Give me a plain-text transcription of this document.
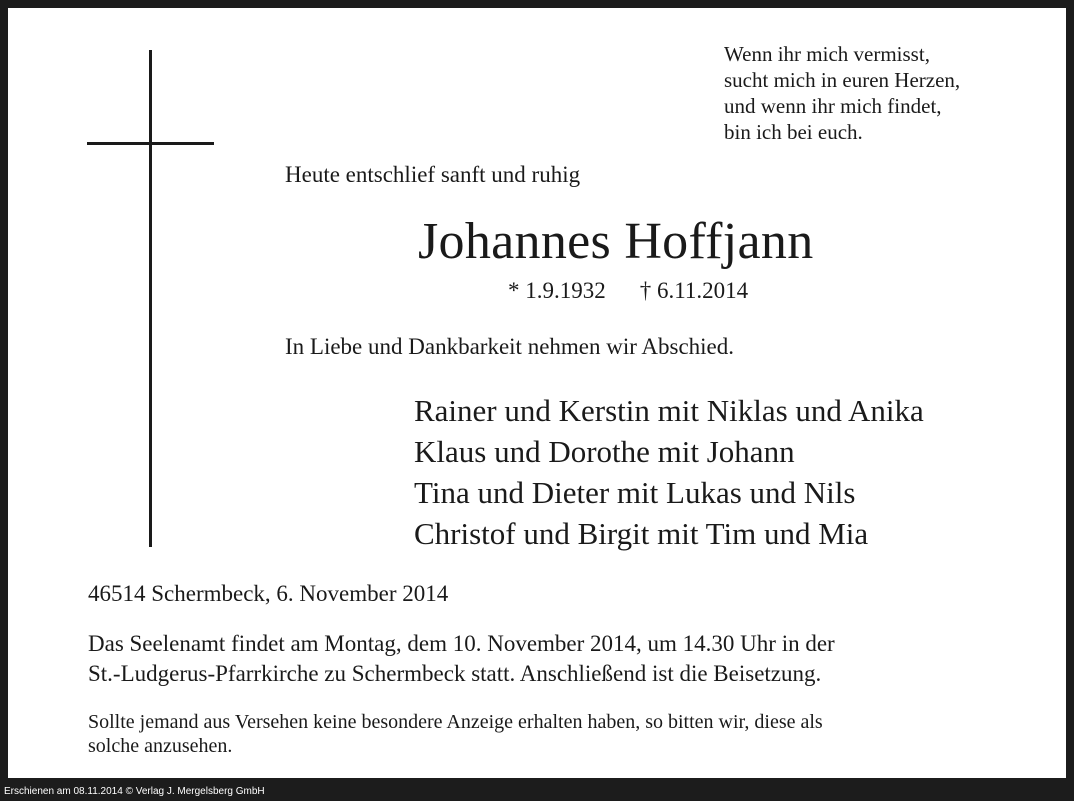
Wenn ihr mich vermisst,
sucht mich in euren Herzen,
und wenn ihr mich findet,
bin ich bei euch.
Heute entschlief sanft und ruhig
Johannes Hoffjann
* 1.9.1932 † 6.11.2014
In Liebe und Dankbarkeit nehmen wir Abschied.
Rainer und Kerstin mit Niklas und Anika
Klaus und Dorothe mit Johann
Tina und Dieter mit Lukas und Nils
Christof und Birgit mit Tim und Mia
46514 Schermbeck, 6. November 2014
Das Seelenamt findet am Montag, dem 10. November 2014, um 14.30 Uhr in der
St.-Ludgerus-Pfarrkirche zu Schermbeck statt. Anschließend ist die Beisetzung.
Sollte jemand aus Versehen keine besondere Anzeige erhalten haben, so bitten wir, diese als
solche anzusehen.
Erschienen am 08.11.2014 © Verlag J. Mergelsberg GmbH
